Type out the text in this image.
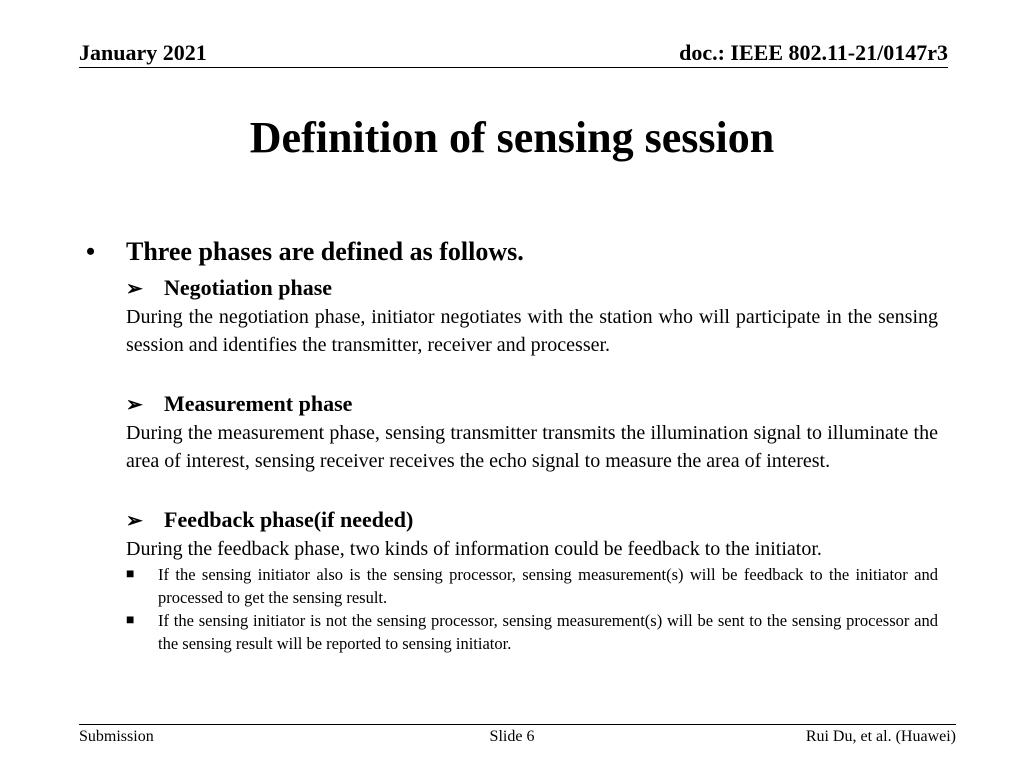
January 2021	doc.: IEEE 802.11-21/0147r3
Definition of sensing session
•	Three phases are defined as follows.
➢ Negotiation phase
During the negotiation phase, initiator negotiates with the station who will participate in the sensing session and identifies the transmitter, receiver and processer.
➢ Measurement phase
During the measurement phase, sensing transmitter transmits the illumination signal to illuminate the area of interest, sensing receiver receives the echo signal to measure the area of interest.
➢ Feedback phase(if needed)
During the feedback phase, two kinds of information could be feedback to the initiator.
■	If the sensing initiator also is the sensing processor, sensing measurement(s) will be feedback to the initiator and processed to get the sensing result.
■	If the sensing initiator is not the sensing processor, sensing measurement(s) will be sent to the sensing processor and the sensing result will be reported to sensing initiator.
Submission	Slide 6	Rui Du, et al. (Huawei)
